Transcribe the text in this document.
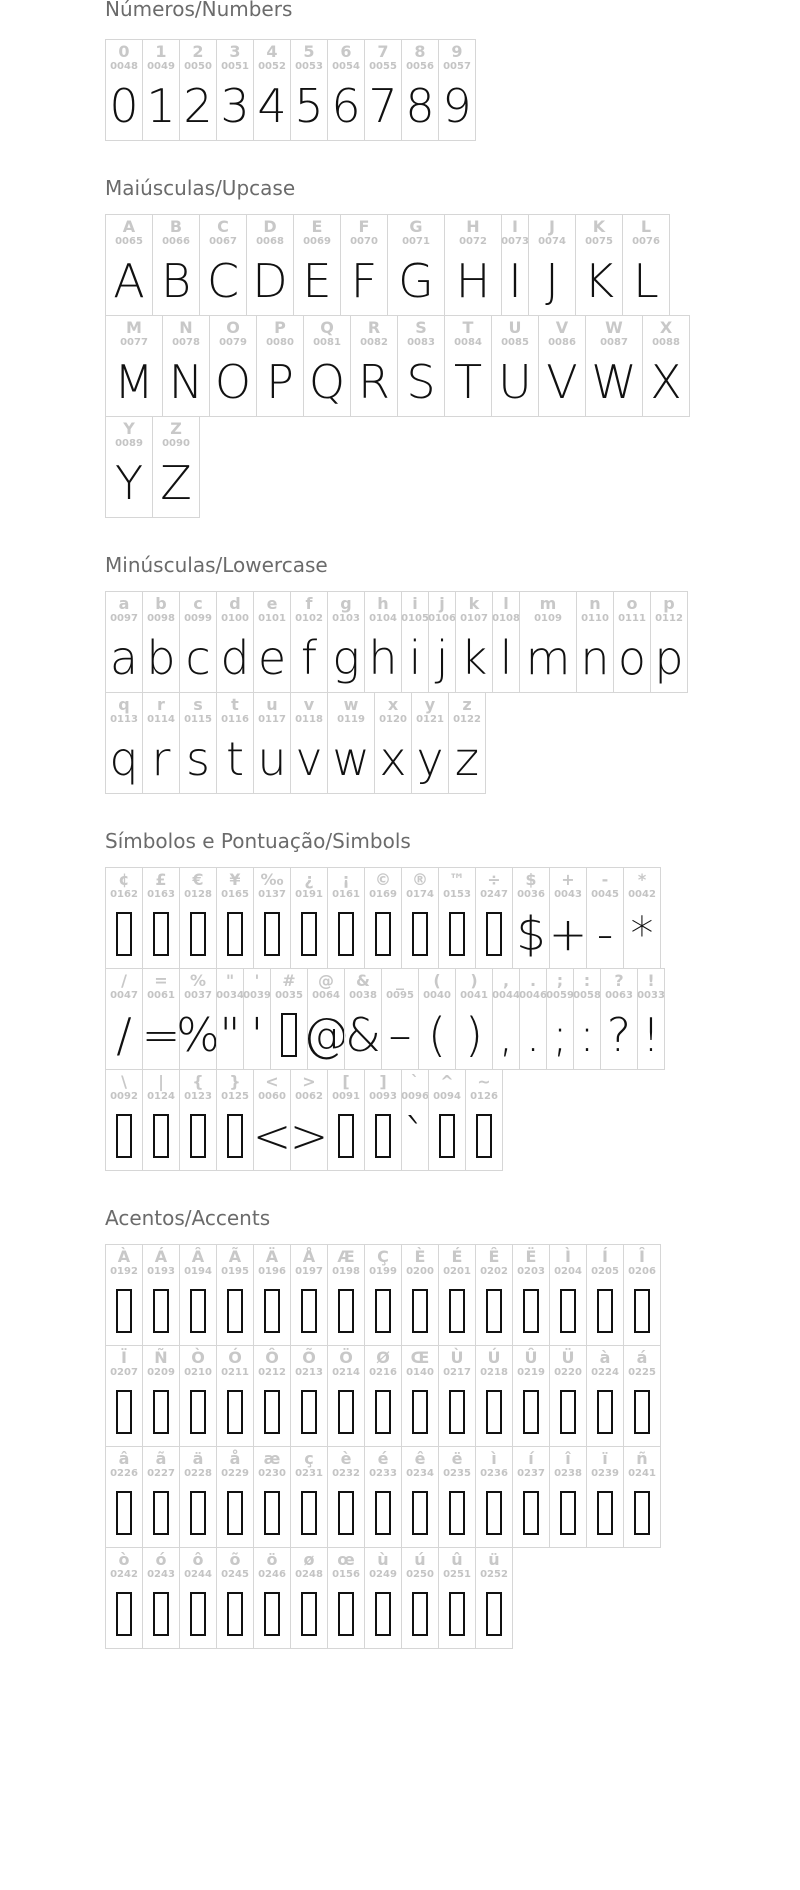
Números/Numbers
0
0048
0
1
0049
1
2
0050
2
3
0051
3
4
0052
4
5
0053
5
6
0054
6
7
0055
7
8
0056
8
9
0057
9
Maiúsculas/Upcase
A
0065
A
B
0066
B
C
0067
C
D
0068
D
E
0069
E
F
0070
F
G
0071
G
H
0072
H
I
0073
I
J
0074
J
K
0075
K
L
0076
L
M
0077
M
N
0078
N
O
0079
O
P
0080
P
Q
0081
Q
R
0082
R
S
0083
S
T
0084
T
U
0085
U
V
0086
V
W
0087
W
X
0088
X
Y
0089
Y
Z
0090
Z
Minúsculas/Lowercase
a
0097
a
b
0098
b
c
0099
c
d
0100
d
e
0101
e
f
0102
f
g
0103
g
h
0104
h
i
0105
i
j
0106
j
k
0107
k
l
0108
l
m
0109
m
n
0110
n
o
0111
o
p
0112
p
q
0113
q
r
0114
r
s
0115
s
t
0116
t
u
0117
u
v
0118
v
w
0119
w
x
0120
x
y
0121
y
z
0122
z
Símbolos e Pontuação/Simbols
¢
0162
£
0163
€
0128
¥
0165
‰
0137
¿
0191
¡
0161
©
0169
®
0174
™
0153
÷
0247
$
0036
$
+
0043
+
-
0045
-
*
0042
*
/
0047
/
=
0061
=
%
0037
%
"
0034
"
'
0039
'
#
0035
@
0064
@
&
0038
&
_
0095
–
(
0040
(
)
0041
)
,
0044
,
.
0046
.
;
0059
;
:
0058
:
?
0063
?
!
0033
!
\
0092
|
0124
{
0123
}
0125
<
0060
<
>
0062
>
[
0091
]
0093
`
0096
`
^
0094
~
0126
Acentos/Accents
À
0192
Á
0193
Â
0194
Ã
0195
Ä
0196
Å
0197
Æ
0198
Ç
0199
È
0200
É
0201
Ê
0202
Ë
0203
Ì
0204
Í
0205
Î
0206
Ï
0207
Ñ
0209
Ò
0210
Ó
0211
Ô
0212
Õ
0213
Ö
0214
Ø
0216
Œ
0140
Ù
0217
Ú
0218
Û
0219
Ü
0220
à
0224
á
0225
â
0226
ã
0227
ä
0228
å
0229
æ
0230
ç
0231
è
0232
é
0233
ê
0234
ë
0235
ì
0236
í
0237
î
0238
ï
0239
ñ
0241
ò
0242
ó
0243
ô
0244
õ
0245
ö
0246
ø
0248
œ
0156
ù
0249
ú
0250
û
0251
ü
0252
